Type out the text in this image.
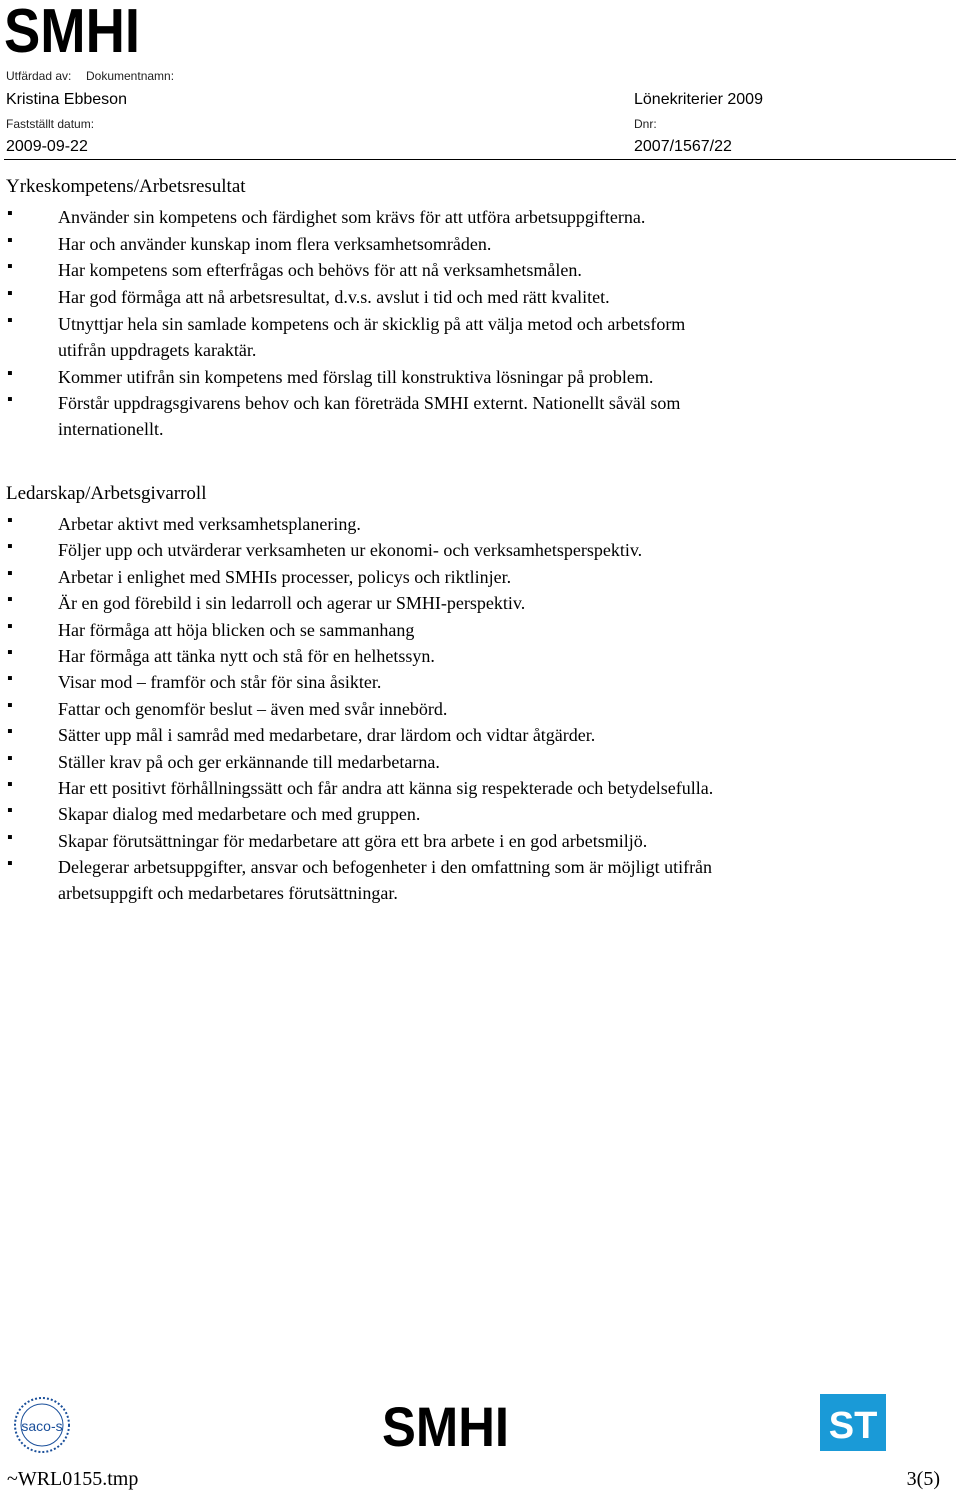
SMHI
Utfärdad av: Dokumentnamn:
Kristina Ebbeson	Lönekriterier 2009
Fastställt datum:	Dnr:
2009-09-22	2007/1567/22
Yrkeskompetens/Arbetsresultat
▪	Använder sin kompetens och färdighet som krävs för att utföra arbetsuppgifterna.
▪	Har och använder kunskap inom flera verksamhetsområden.
▪	Har kompetens som efterfrågas och behövs för att nå verksamhetsmålen.
▪	Har god förmåga att nå arbetsresultat, d.v.s. avslut i tid och med rätt kvalitet.
▪	Utnyttjar hela sin samlade kompetens och är skicklig på att välja metod och arbetsform
utifrån uppdragets karaktär.
▪	Kommer utifrån sin kompetens med förslag till konstruktiva lösningar på problem.
▪	Förstår uppdragsgivarens behov och kan företräda SMHI externt. Nationellt såväl som
internationellt.
Ledarskap/Arbetsgivarroll
▪	Arbetar aktivt med verksamhetsplanering.
▪	Följer upp och utvärderar verksamheten ur ekonomi- och verksamhetsperspektiv.
▪	Arbetar i enlighet med SMHIs processer, policys och riktlinjer.
▪	Är en god förebild i sin ledarroll och agerar ur SMHI-perspektiv.
▪	Har förmåga att höja blicken och se sammanhang
▪	Har förmåga att tänka nytt och stå för en helhetssyn.
▪	Visar mod – framför och står för sina åsikter.
▪	Fattar och genomför beslut – även med svår innebörd.
▪	Sätter upp mål i samråd med medarbetare, drar lärdom och vidtar åtgärder.
▪	Ställer krav på och ger erkännande till medarbetarna.
▪	Har ett positivt förhållningssätt och får andra att känna sig respekterade och betydelsefulla.
▪	Skapar dialog med medarbetare och med gruppen.
▪	Skapar förutsättningar för medarbetare att göra ett bra arbete i en god arbetsmiljö.
▪	Delegerar arbetsuppgifter, ansvar och befogenheter i den omfattning som är möjligt utifrån
arbetsuppgift och medarbetares förutsättningar.
saco-s	SMHI	ST
~WRL0155.tmp	3(5)
